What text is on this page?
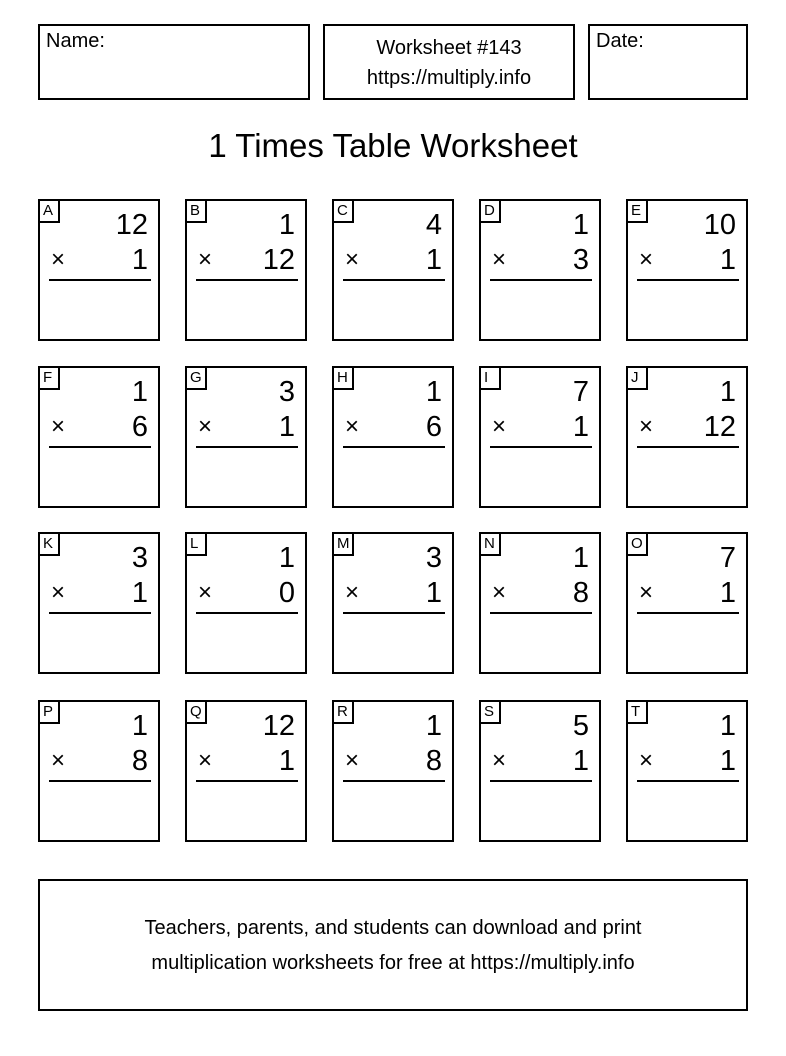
Name:	Worksheet #143
https://multiply.info
Date:
1 Times Table Worksheet
A 12
× 1
B	1
× 12
C	4
× 1
D	1
× 3
E 10
× 1
F	1
× 6
G	3
× 1
H	1
× 6
I	7
× 1
J	1
× 12
K	3
× 1
L	1
× 0
M	3
× 1
N	1
× 8
O	7
× 1
P	1
× 8
Q 12
× 1
R	1
× 8
S	5
× 1
T	1
× 1
Teachers, parents, and students can download and print
multiplication worksheets for free at https://multiply.info
